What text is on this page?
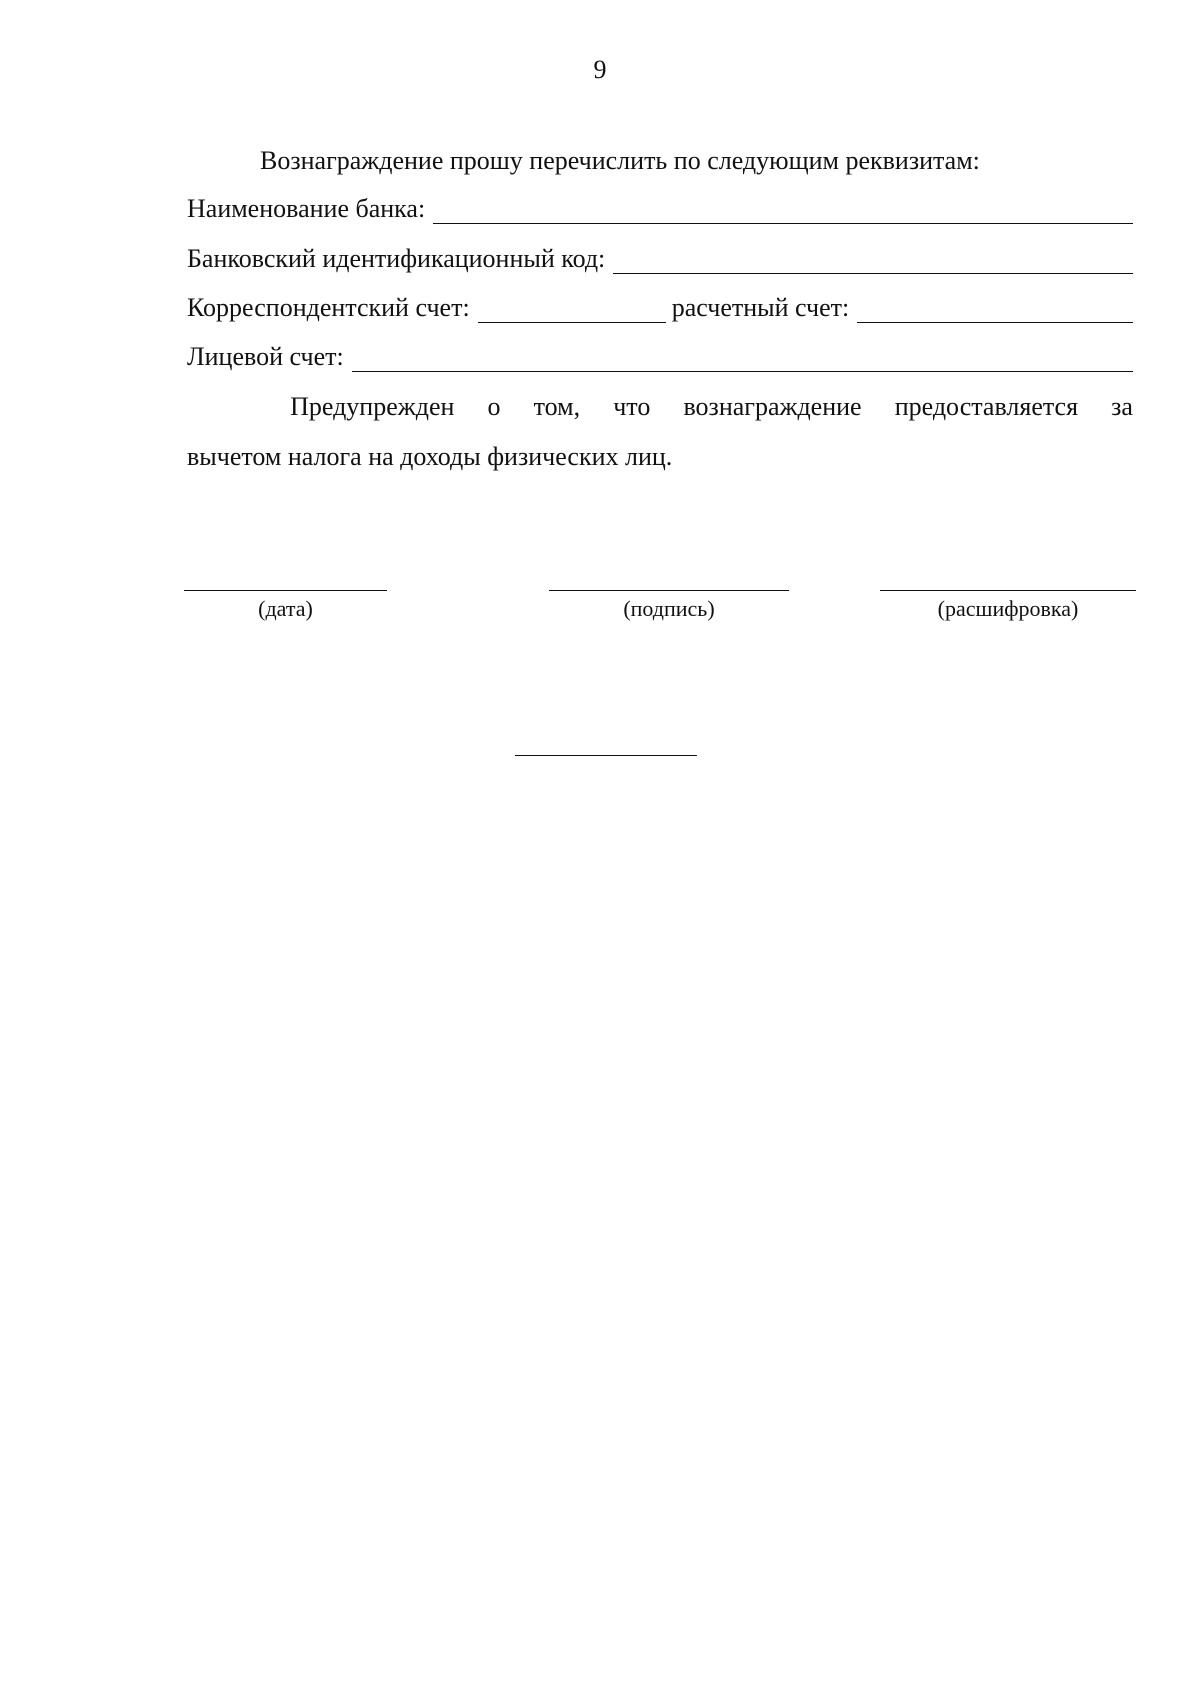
9
Вознаграждение прошу перечислить по следующим реквизитам:
Наименование банка:
Банковский идентификационный код:
Корреспондентский счет:	расчетный счет:
Лицевой счет:
Предупрежден о том, что вознаграждение предоставляется за
вычетом налога на доходы физических лиц.
(дата)	(подпись)	(расшифровка)
